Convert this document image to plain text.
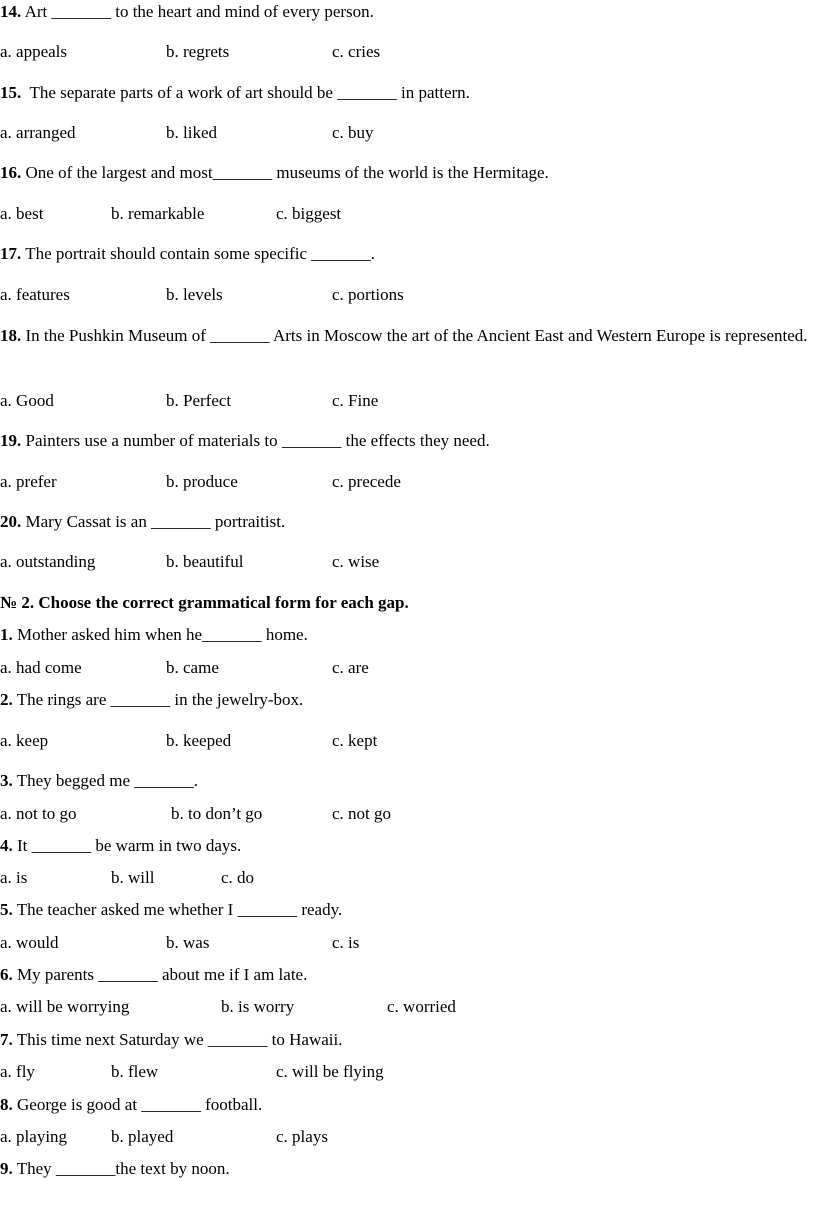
14. Art _______ to the heart and mind of every person.
a. appeals	b. regrets	c. cries
15. The separate parts of a work of art should be _______ in pattern.
a. arranged	b. liked	c. buy
16. One of the largest and most_______ museums of the world is the Hermitage.
a. best	b. remarkable	c. biggest
17. The portrait should contain some specific _______.
a. features	b. levels	c. portions
18. In the Pushkin Museum of _______ Arts in Moscow the art of the Ancient East and Western Europe is represented.
a. Good	b. Perfect	c. Fine
19. Painters use a number of materials to _______ the effects they need.
a. prefer	b. produce	c. precede
20. Mary Cassat is an _______ portraitist.
a. outstanding	b. beautiful	c. wise
№ 2. Choose the correct grammatical form for each gap.
1. Mother asked him when he_______ home.
a. had come	b. came	c. are
2. The rings are _______ in the jewelry-box.
a. keep	b. keeped	c. kept
3. They begged me _______.
a. not to go	b. to don’t go	c. not go
4. It _______ be warm in two days.
a. is	b. will	c. do
5. The teacher asked me whether I _______ ready.
a. would	b. was	c. is
6. My parents _______ about me if I am late.
a. will be worrying	b. is worry	c. worried
7. This time next Saturday we _______ to Hawaii.
a. fly	b. flew	c. will be flying
8. George is good at _______ football.
a. playing	b. played	c. plays
9. They _______the text by noon.
